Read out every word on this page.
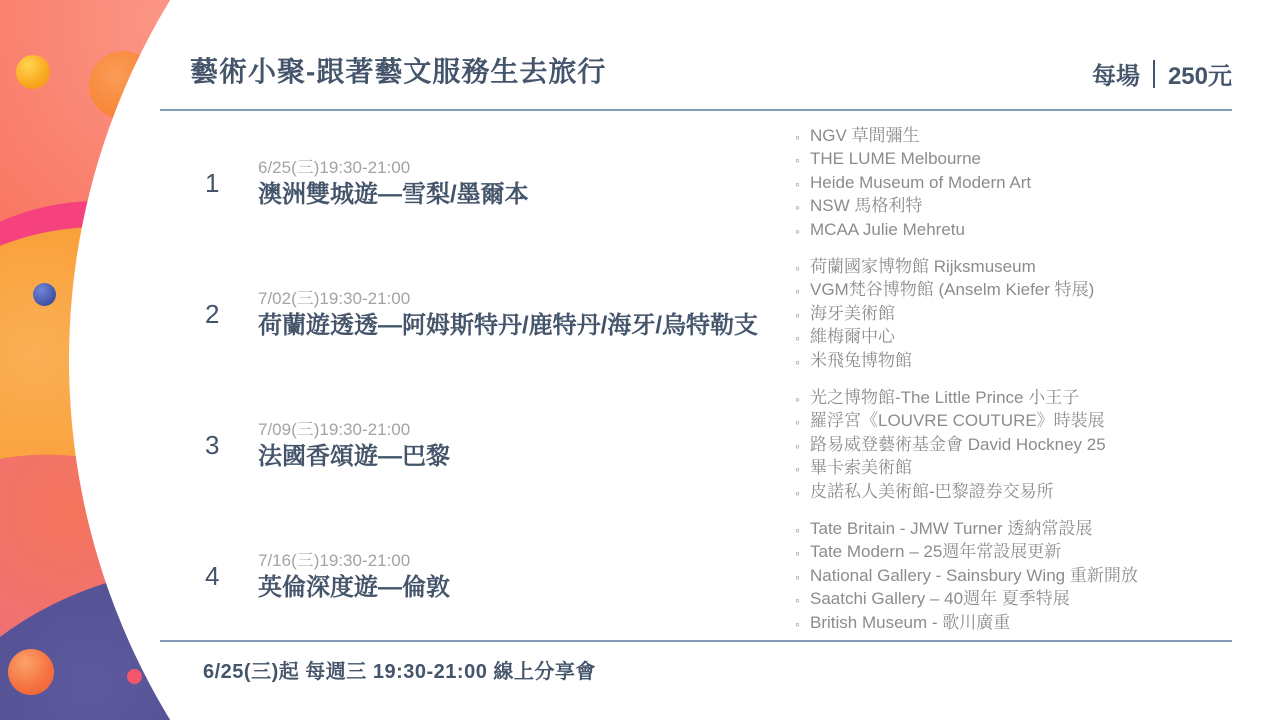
藝術小聚-跟著藝文服務生去旅行	每場 250元
1
6/25(三)19:30-21:00
澳洲雙城遊—雪梨/墨爾本
◦ NGV 草間彌生
◦ THE LUME Melbourne
◦ Heide Museum of Modern Art
◦ NSW 馬格利特
◦ MCAA Julie Mehretu
2
7/02(三)19:30-21:00
荷蘭遊透透—阿姆斯特丹/鹿特丹/海牙/烏特勒支
◦ 荷蘭國家博物館 Rijksmuseum
◦ VGM梵谷博物館 (Anselm Kiefer 特展)
◦ 海牙美術館
◦ 維梅爾中心
◦ 米飛兔博物館
3
7/09(三)19:30-21:00
法國香頌遊—巴黎
◦ 光之博物館-The Little Prince 小王子
◦ 羅浮宮《LOUVRE COUTURE》時裝展
◦ 路易威登藝術基金會 David Hockney 25
◦ 畢卡索美術館
◦ 皮諾私人美術館-巴黎證券交易所
4
7/16(三)19:30-21:00
英倫深度遊—倫敦
◦ Tate Britain - JMW Turner 透納常設展
◦ Tate Modern – 25週年常設展更新
◦ National Gallery - Sainsbury Wing 重新開放
◦ Saatchi Gallery – 40週年 夏季特展
◦ British Museum - 歌川廣重
6/25(三)起 每週三 19:30-21:00 線上分享會
